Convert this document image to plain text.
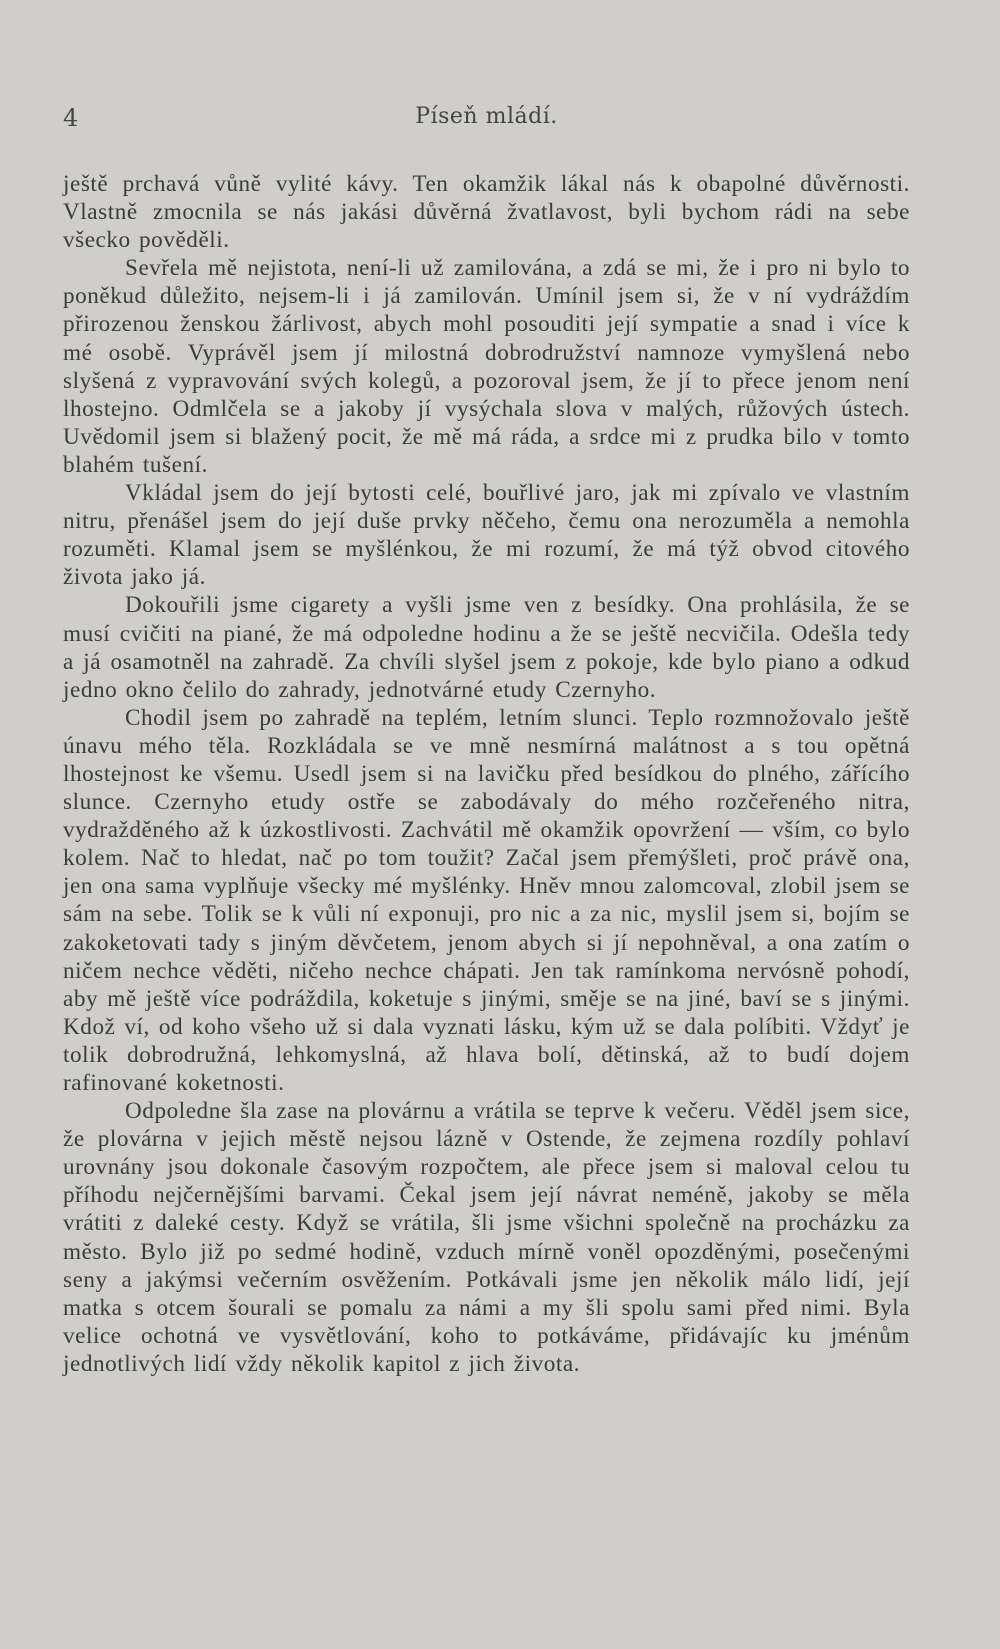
4	Píseň mládí.

ještě prchavá vůně vylité kávy. Ten okamžik lákal nás k obapolné důvěrnosti. Vlastně zmocnila se nás jakási důvěrná žvatlavost, byli bychom rádi na sebe všecko pověděli.

Sevřela mě nejistota, není-li už zamilována, a zdá se mi, že i pro ni bylo to poněkud důležito, nejsem-li i já zamilován. Umínil jsem si, že v ní vydráždím přirozenou ženskou žárlivost, abych mohl posouditi její sympatie a snad i více k mé osobě. Vyprávěl jsem jí milostná dobrodružství namnoze vymyšlená nebo slyšená z vypravování svých kolegů, a pozoroval jsem, že jí to přece jenom není lhostejno. Odmlčela se a jakoby jí vysýchala slova v malých, růžových ústech. Uvědomil jsem si blažený pocit, že mě má ráda, a srdce mi z prudka bilo v tomto blahém tušení.

Vkládal jsem do její bytosti celé, bouřlivé jaro, jak mi zpívalo ve vlastním nitru, přenášel jsem do její duše prvky něčeho, čemu ona nerozuměla a nemohla rozuměti. Klamal jsem se myšlénkou, že mi rozumí, že má týž obvod citového života jako já.

Dokouřili jsme cigarety a vyšli jsme ven z besídky. Ona prohlásila, že se musí cvičiti na piané, že má odpoledne hodinu a že se ještě necvičila. Odešla tedy a já osamotněl na zahradě. Za chvíli slyšel jsem z pokoje, kde bylo piano a odkud jedno okno čelilo do zahrady, jednotvárné etudy Czernyho.

Chodil jsem po zahradě na teplém, letním slunci. Teplo rozmnožovalo ještě únavu mého těla. Rozkládala se ve mně nesmírná malátnost a s tou opětná lhostejnost ke všemu. Usedl jsem si na lavičku před besídkou do plného, zářícího slunce. Czernyho etudy ostře se zabodávaly do mého rozčeřeného nitra, vydražděného až k úzkostlivosti. Zachvátil mě okamžik opovržení — vším, co bylo kolem. Nač to hledat, nač po tom toužit? Začal jsem přemýšleti, proč právě ona, jen ona sama vyplňuje všecky mé myšlénky. Hněv mnou zalomcoval, zlobil jsem se sám na sebe. Tolik se k vůli ní exponuji, pro nic a za nic, myslil jsem si, bojím se zakoketovati tady s jiným děvčetem, jenom abych si jí nepohněval, a ona zatím o ničem nechce věděti, ničeho nechce chápati. Jen tak ramínkoma nervósně pohodí, aby mě ještě více podráždila, koketuje s jinými, směje se na jiné, baví se s jinými. Kdož ví, od koho všeho už si dala vyznati lásku, kým už se dala políbiti. Vždyť je tolik dobrodružná, lehkomyslná, až hlava bolí, dětinská, až to budí dojem rafinované koketnosti.

Odpoledne šla zase na plovárnu a vrátila se teprve k večeru. Věděl jsem sice, že plovárna v jejich městě nejsou lázně v Ostende, že zejmena rozdíly pohlaví urovnány jsou dokonale časovým rozpočtem, ale přece jsem si maloval celou tu příhodu nejčernějšími barvami. Čekal jsem její návrat neméně, jakoby se měla vrátiti z daleké cesty. Když se vrátila, šli jsme všichni společně na procházku za město. Bylo již po sedmé hodině, vzduch mírně voněl opozděnými, posečenými seny a jakýmsi večerním osvěžením. Potkávali jsme jen několik málo lidí, její matka s otcem šourali se pomalu za námi a my šli spolu sami před nimi. Byla velice ochotná ve vysvětlování, koho to potkáváme, přidávajíc ku jménům jednotlivých lidí vždy několik kapitol z jich života.
